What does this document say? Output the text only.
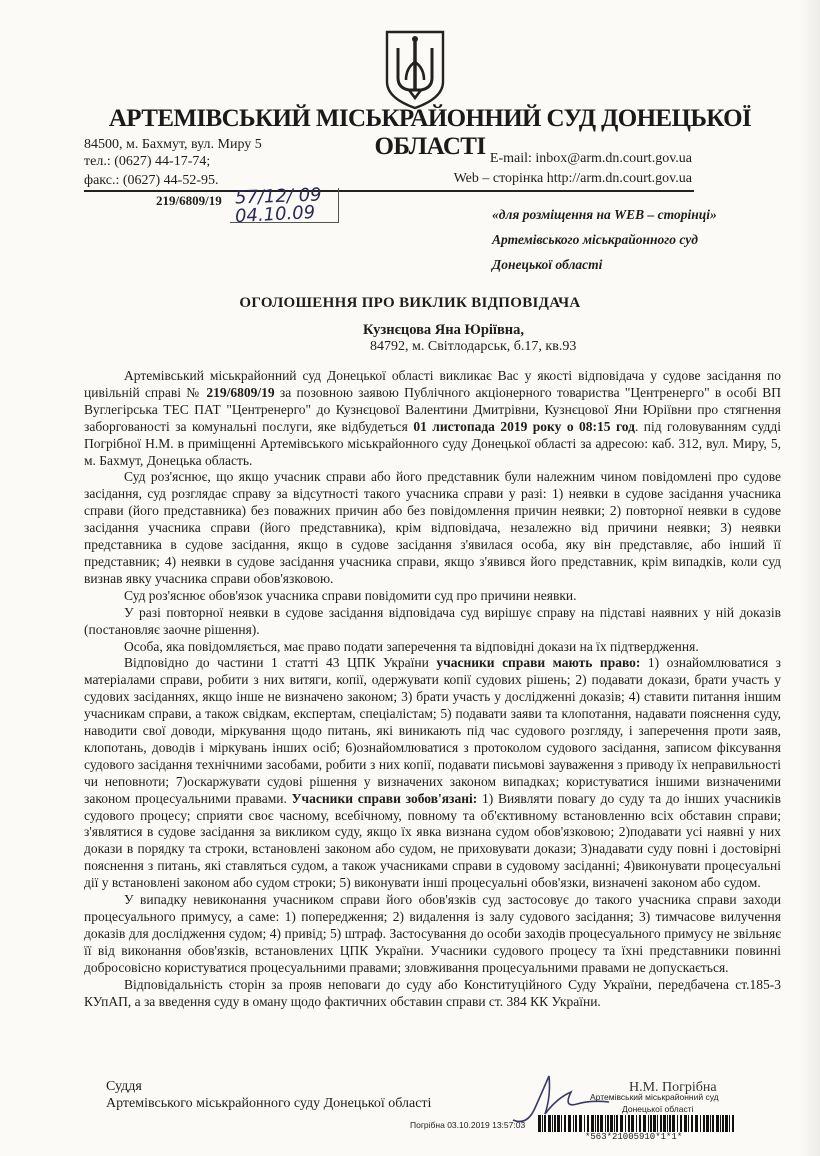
АРТЕМІВСЬКИЙ МІСЬКРАЙОННИЙ СУД ДОНЕЦЬКОЇ ОБЛАСТІ
84500, м. Бахмут, вул. Миру 5
тел.: (0627) 44-17-74;
факс.: (0627) 44-52-95.
E-mail: inbox@arm.dn.court.gov.ua
Web – сторінка http://arm.dn.court.gov.ua
219/6809/19 57/12/ 09
04.10.09	«для розміщення на WEB – сторінці»
Артемівського міськрайонного суд
Донецької області
ОГОЛОШЕННЯ ПРО ВИКЛИК ВІДПОВІДАЧА
Кузнєцова Яна Юріївна,
84792, м. Світлодарськ, б.17, кв.93

Артемівський міськрайонний суд Донецької області викликає Вас у якості відповідача у судове засідання по цивільній справі № 219/6809/19 за позовною заявою Публічного акціонерного товариства "Центренерго" в особі ВП Вуглегірська ТЕС ПАТ "Центренерго" до Кузнєцової Валентини Дмитрівни, Кузнєцової Яни Юріївни про стягнення заборгованості за комунальні послуги, яке відбудеться 01 листопада 2019 року о 08:15 год. під головуванням судді Погрібної Н.М. в приміщенні Артемівського міськрайонного суду Донецької області за адресою: каб. 312, вул. Миру, 5, м. Бахмут, Донецька область.

Суд роз'яснює, що якщо учасник справи або його представник були належним чином повідомлені про судове засідання, суд розглядає справу за відсутності такого учасника справи у разі: 1) неявки в судове засідання учасника справи (його представника) без поважних причин або без повідомлення причин неявки; 2) повторної неявки в судове засідання учасника справи (його представника), крім відповідача, незалежно від причини неявки; 3) неявки представника в судове засідання, якщо в судове засідання з'явилася особа, яку він представляє, або інший її представник; 4) неявки в судове засідання учасника справи, якщо з'явився його представник, крім випадків, коли суд визнав явку учасника справи обов'язковою.

Суд роз'яснює обов'язок учасника справи повідомити суд про причини неявки.

У разі повторної неявки в судове засідання відповідача суд вирішує справу на підставі наявних у ній доказів (постановляє заочне рішення).

Особа, яка повідомляється, має право подати заперечення та відповідні докази на їх підтвердження.

Відповідно до частини 1 статті 43 ЦПК України учасники справи мають право: 1) ознайомлюватися з матеріалами справи, робити з них витяги, копії, одержувати копії судових рішень; 2) подавати докази, брати участь у судових засіданнях, якщо інше не визначено законом; 3) брати участь у дослідженні доказів; 4) ставити питання іншим учасникам справи, а також свідкам, експертам, спеціалістам; 5) подавати заяви та клопотання, надавати пояснення суду, наводити свої доводи, міркування щодо питань, які виникають під час судового розгляду, і заперечення проти заяв, клопотань, доводів і міркувань інших осіб; 6)ознайомлюватися з протоколом судового засідання, записом фіксування судового засідання технічними засобами, робити з них копії, подавати письмові зауваження з приводу їх неправильності чи неповноти; 7)оскаржувати судові рішення у визначених законом випадках; користуватися іншими визначеними законом процесуальними правами. Учасники справи зобов'язані: 1) Виявляти повагу до суду та до інших учасників судового процесу; сприяти своє часному, всебічному, повному та об'єктивному встановленню всіх обставин справи; з'являтися в судове засідання за викликом суду, якщо їх явка визнана судом обов'язковою; 2)подавати усі наявні у них докази в порядку та строки, встановлені законом або судом, не приховувати докази; 3)надавати суду повні і достовірні пояснення з питань, які ставляться судом, а також учасниками справи в судовому засіданні; 4)виконувати процесуальні дії у встановлені законом або судом строки; 5) виконувати інші процесуальні обов'язки, визначені законом або судом.

У випадку невиконання учасником справи його обов'язків суд застосовує до такого учасника справи заходи процесуального примусу, а саме: 1) попередження; 2) видалення із залу судового засідання; 3) тимчасове вилучення доказів для дослідження судом; 4) привід; 5) штраф. Застосування до особи заходів процесуального примусу не звільняє її від виконання обов'язків, встановлених ЦПК України. Учасники судового процесу та їхні представники повинні добросовісно користуватися процесуальними правами; зловживання процесуальними правами не допускається.

Відповідальність сторін за прояв неповаги до суду або Конституційного Суду України, передбачена ст.185-3 КУпАП, а за введення суду в оману щодо фактичних обставин справи ст. 384 КК України.

Суддя
Артемівського міськрайонного суду Донецької області
Н.М. Погрібна
Артемівський міськрайонний суд
Донецької області
Погрібна 03.10.2019 13:57:03
*563*21005910*1*1*
